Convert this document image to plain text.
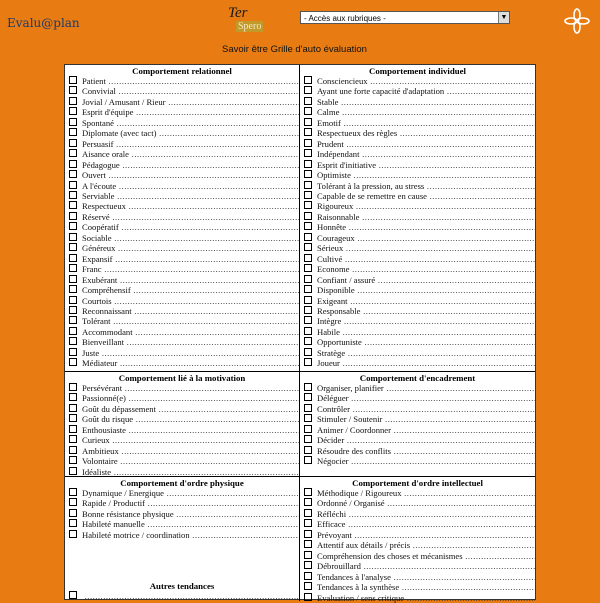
Evalu@plan
Ter
Spero
- Accès aux rubriques -	▼
Savoir être Grille d'auto évaluation
Comportement relationnel
Patient .....
Convivial .....
Jovial / Amusant / Rieur .....
Esprit d'équipe .....
Spontané .....
Diplomate (avec tact) .....
Persuasif .....
Aisance orale .....
Pédagogue .....
Ouvert .....
A l'écoute .....
Serviable .....
Respectueux .....
Réservé .....
Coopératif .....
Sociable .....
Généreux .....
Expansif .....
Franc .....
Exubérant .....
Compréhensif .....
Courtois .....
Reconnaissant .....
Tolérant .....
Accommodant .....
Bienveillant .....
Juste .....
Médiateur .....
Comportement individuel
Consciencieux .....
Ayant une forte capacité d'adaptation .....
Stable .....
Calme .....
Emotif .....
Respectueux des règles .....
Prudent .....
Indépendant .....
Esprit d'initiative .....
Optimiste .....
Tolérant à la pression, au stress .....
Capable de se remettre en cause .....
Rigoureux .....
Raisonnable .....
Honnête .....
Courageux .....
Sérieux .....
Cultivé .....
Econome .....
Confiant / assuré .....
Disponible .....
Exigeant .....
Responsable .....
Intègre .....
Habile .....
Opportuniste .....
Stratège .....
Joueur .....
Comportement lié à la motivation
Persévérant .....
Passionné(e) .....
Goût du dépassement .....
Goût du risque .....
Enthousiaste .....
Curieux .....
Ambitieux .....
Volontaire .....
Idéaliste .....
Comportement d'encadrement
Organiser, planifier .....
Déléguer .....
Contrôler .....
Stimuler / Soutenir .....
Animer / Coordonner .....
Décider .....
Résoudre des conflits .....
Négocier .....
Comportement d'ordre physique
Dynamique / Energique .....
Rapide / Productif .....
Bonne résistance physique .....
Habileté manuelle .....
Habileté motrice / coordination .....
Autres tendances
.....
Comportement d'ordre intellectuel
Méthodique / Rigoureux .....
Ordonné / Organisé .....
Réfléchi .....
Efficace .....
Prévoyant .....
Attentif aux détails / précis .....
Compréhension des choses et mécanismes .....
Débrouillard .....
Tendances à l'analyse .....
Tendances à la synthèse .....
Evaluation / sens critique .....
